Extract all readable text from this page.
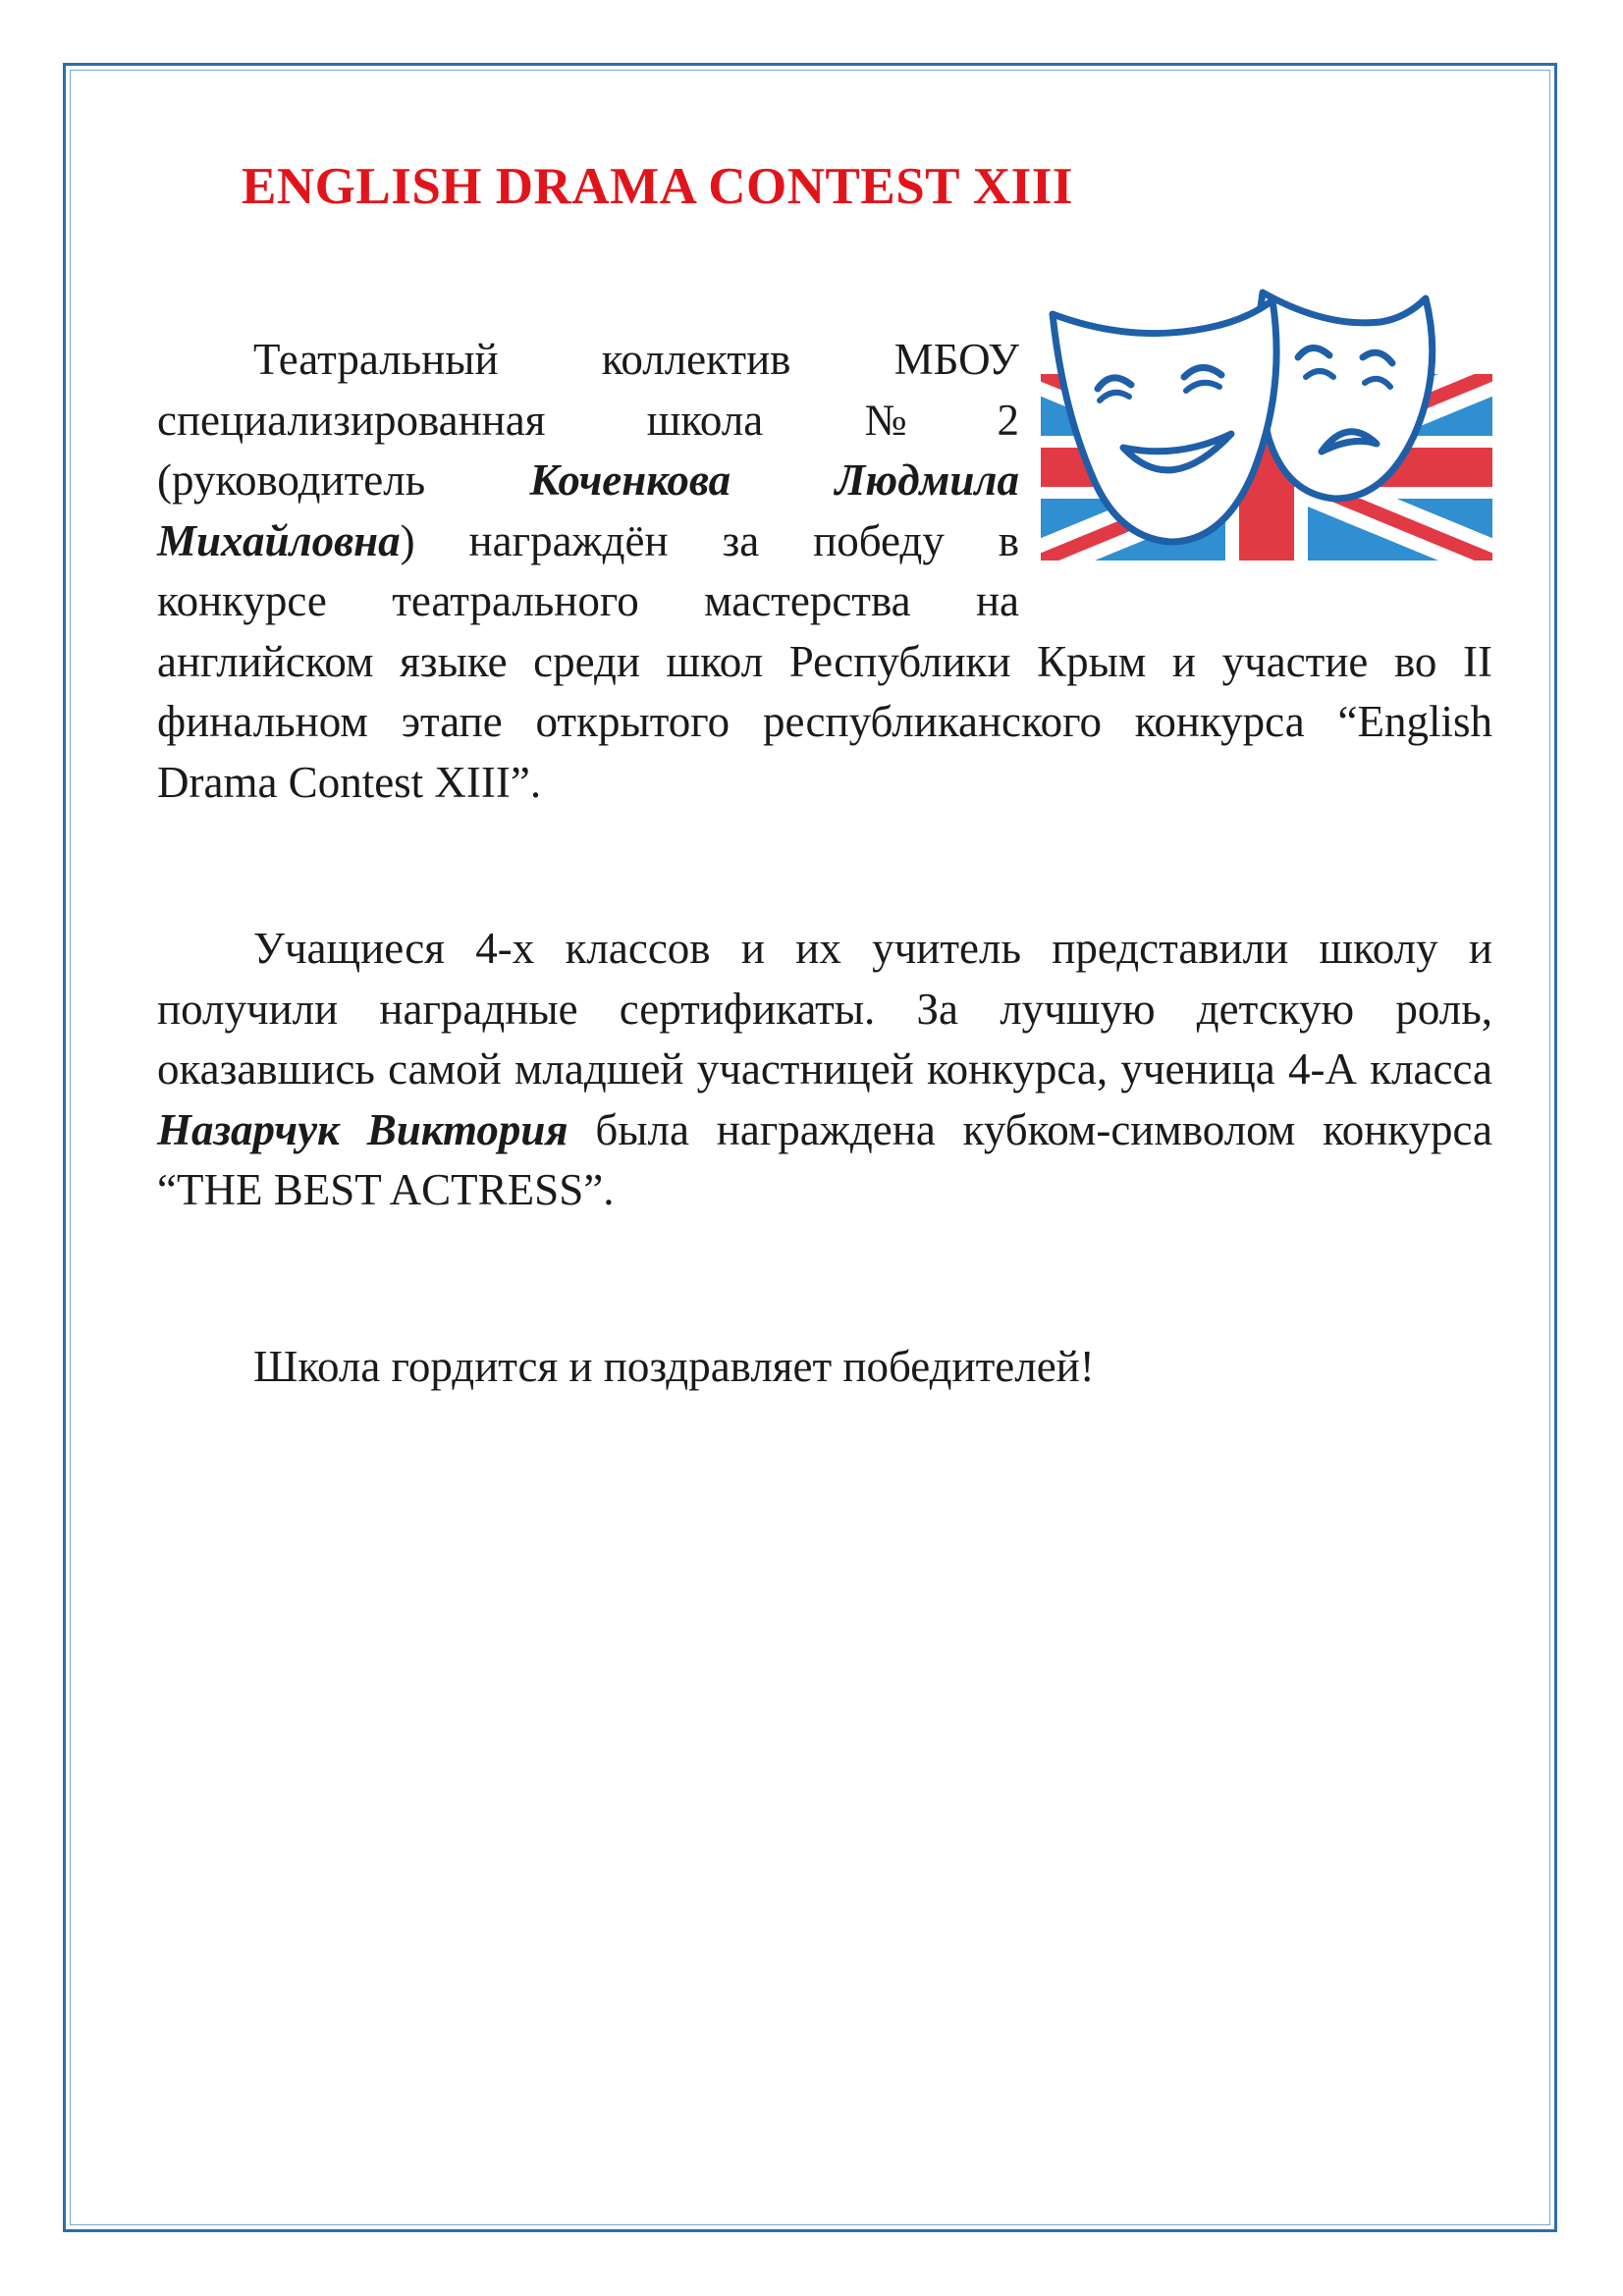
ENGLISH DRAMA CONTEST XIII

Театральный коллектив МБОУ специализированная школа №2 (руководитель Коченкова Людмила Михайловна) награждён за победу в конкурсе театрального мастерства на английском языке среди школ Республики Крым и участие во II финальном этапе открытого республиканского конкурса “English Drama Contest XIII”.

Учащиеся 4-х классов и их учитель представили школу и получили наградные сертификаты. За лучшую детскую роль, оказавшись самой младшей участницей конкурса, ученица 4-А класса Назарчук Виктория была награждена кубком-символом конкурса “THE BEST ACTRESS”.

Школа гордится и поздравляет победителей!
